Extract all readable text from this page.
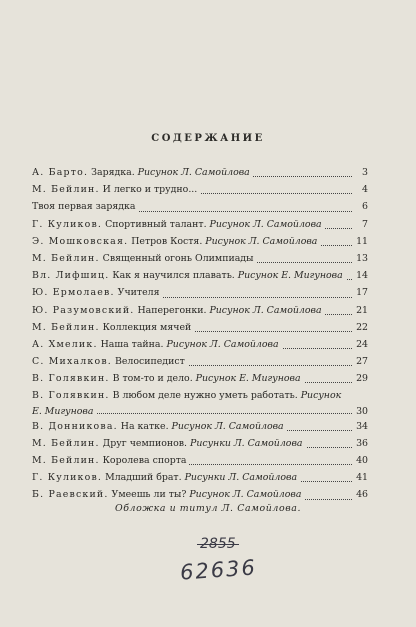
СОДЕРЖАНИЕ
А. Барто. Зарядка. Рисунок Л. Самойлова	3
М. Бейлин. И легко и трудно...	4
Твоя первая зарядка	6
Г. Куликов. Спортивный талант. Рисунок Л. Самойлова	7
Э. Мошковская. Петров Костя. Рисунок Л. Самойлова	11
М. Бейлин. Священный огонь Олимпиады	13
Вл. Лифшиц. Как я научился плавать. Рисунок Е. Мигунова	14
Ю. Ермолаев. Учителя	17
Ю. Разумовский. Наперегонки. Рисунок Л. Самойлова	21
М. Бейлин. Коллекция мячей	22
А. Хмелик. Наша тайна. Рисунок Л. Самойлова	24
С. Михалков. Велосипедист	27
В. Голявкин. В том-то и дело. Рисунок Е. Мигунова	29
В. Голявкин. В любом деле нужно уметь работать. Рисунок
Е. Мигунова	30
В. Донникова. На катке. Рисунок Л. Самойлова	34
М. Бейлин. Друг чемпионов. Рисунки Л. Самойлова	36
М. Бейлин. Королева спорта	40
Г. Куликов. Младший брат. Рисунки Л. Самойлова	41
Б. Раевский. Умеешь ли ты? Рисунок Л. Самойлова	46
Обложка и титул Л. Самойлова.
2855
62636
